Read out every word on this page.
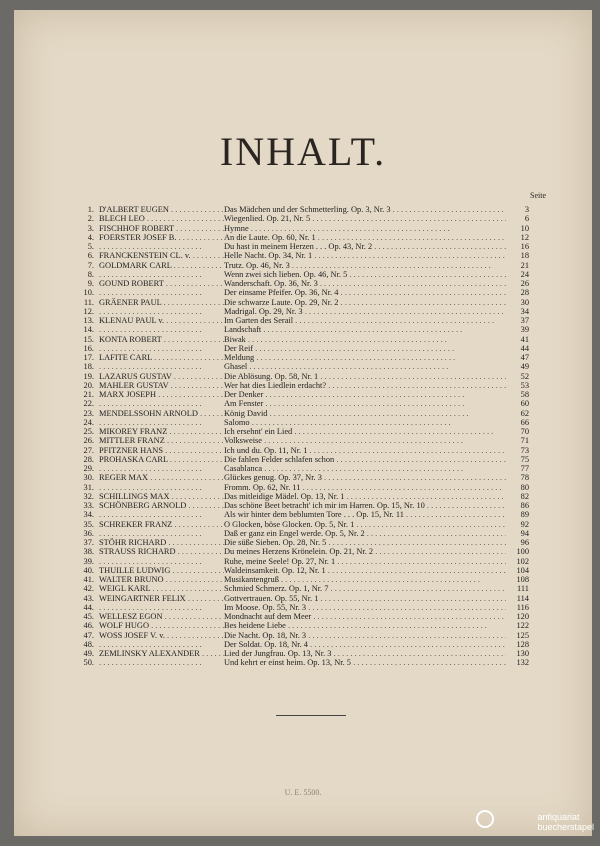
INHALT.
Seite
1. D'ALBERT EUGEN . . .	Das Mädchen und der Schmetterling. Op. 3, Nr. 3 . . .	3
2. BLECH LEO . . .	Wiegenlied. Op. 21, Nr. 5 . . .	6
3. FISCHHOF ROBERT . . .	Hymne . . .	10
4. FOERSTER JOSEF B. . . .	An die Laute. Op. 60, Nr. 1 . . .	12
5. . . .	Du hast in meinem Herzen . . . Op. 43, Nr. 2 . . .	16
6. FRANCKENSTEIN CL. v. . . .	Helle Nacht. Op. 34, Nr. 1 . . .	18
7. GOLDMARK CARL . . .	Trutz. Op. 46, Nr. 3 . . .	21
8. . . .	Wenn zwei sich lieben. Op. 46, Nr. 5 . . .	24
9. GOUND ROBERT . . .	Wanderschaft. Op. 36, Nr. 3 . . .	26
10. . . .	Der einsame Pfeifer. Op. 36, Nr. 4 . . .	28
11. GRÄENER PAUL . . .	Die schwarze Laute. Op. 29, Nr. 2 . . .	30
12. . . .	Madrigal. Op. 29, Nr. 3 . . .	34
13. KLENAU PAUL v. . . .	Im Garten des Serail . . .	37
14. . . .	Landschaft . . .	39
15. KONTA ROBERT . . .	Biwak . . .	41
16. . . .	Der Reif . . .	44
17. LAFITE CARL . . .	Meldung . . .	47
18. . . .	Ghasel . . .	49
19. LAZARUS GUSTAV . . .	Die Ablösung. Op. 58, Nr. 1 . . .	52
20. MAHLER GUSTAV . . .	Wer hat dies Liedlein erdacht? . . .	53
21. MARX JOSEPH . . .	Der Denker . . .	58
22. . . .	Am Fenster . . .	60
23. MENDELSSOHN ARNOLD . . .	König David . . .	62
24. . . .	Salomo . . .	66
25. MIKOREY FRANZ . . .	Ich ersehnt' ein Lied . . .	70
26. MITTLER FRANZ . . .	Volksweise . . .	71
27. PFITZNER HANS . . .	Ich und du. Op. 11, Nr. 1 . . .	73
28. PROHASKA CARL . . .	Die fahlen Felder schlafen schon . . .	75
29. . . .	Casablanca . . .	77
30. REGER MAX . . .	Glückes genug. Op. 37, Nr. 3 . . .	78
31. . . .	Fromm. Op. 62, Nr. 11 . . .	80
32. SCHILLINGS MAX . . .	Das mitleidige Mädel. Op. 13, Nr. 1 . . .	82
33. SCHÖNBERG ARNOLD . . .	Das schöne Beet betracht' ich mir im Harren. Op. 15, Nr. 10 . . .	86
34. . . .	Als wir hinter dem beblumten Tore . . . Op. 15, Nr. 11 . . .	89
35. SCHREKER FRANZ . . .	O Glocken, böse Glocken. Op. 5, Nr. 1 . . .	92
36. . . .	Daß er ganz ein Engel werde. Op. 5, Nr. 2 . . .	94
37. STÖHR RICHARD . . .	Die süße Sieben. Op. 28, Nr. 5 . . .	96
38. STRAUSS RICHARD . . .	Du meines Herzens Krönelein. Op. 21, Nr. 2 . . .	100
39. . . .	Ruhe, meine Seele! Op. 27, Nr. 1 . . .	102
40. THUILLE LUDWIG . . .	Waldeinsamkeit. Op. 12, Nr. 1 . . .	104
41. WALTER BRUNO . . .	Musikantengruß . . .	108
42. WEIGL KARL . . .	Schmied Schmerz. Op. 1, Nr. 7 . . .	111
43. WEINGARTNER FELIX . . .	Gottvertrauen. Op. 55, Nr. 1 . . .	114
44. . . .	Im Moose. Op. 55, Nr. 3 . . .	116
45. WELLESZ EGON . . .	Mondnacht auf dem Meer . . .	120
46. WOLF HUGO . . .	Bes heidene Liebe . . .	122
47. WOSS JOSEF V. v. . . .	Die Nacht. Op. 18, Nr. 3 . . .	125
48. . . .	Der Soldat. Op. 18, Nr. 4 . . .	128
49. ZEMLINSKY ALEXANDER . . .	Lied der Jungfrau. Op. 13, Nr. 3 . . .	130
50. . . .	Und kehrt er einst heim. Op. 13, Nr. 5 . . .	132
U. E. 5500.
antiquariat
buecherstapel
